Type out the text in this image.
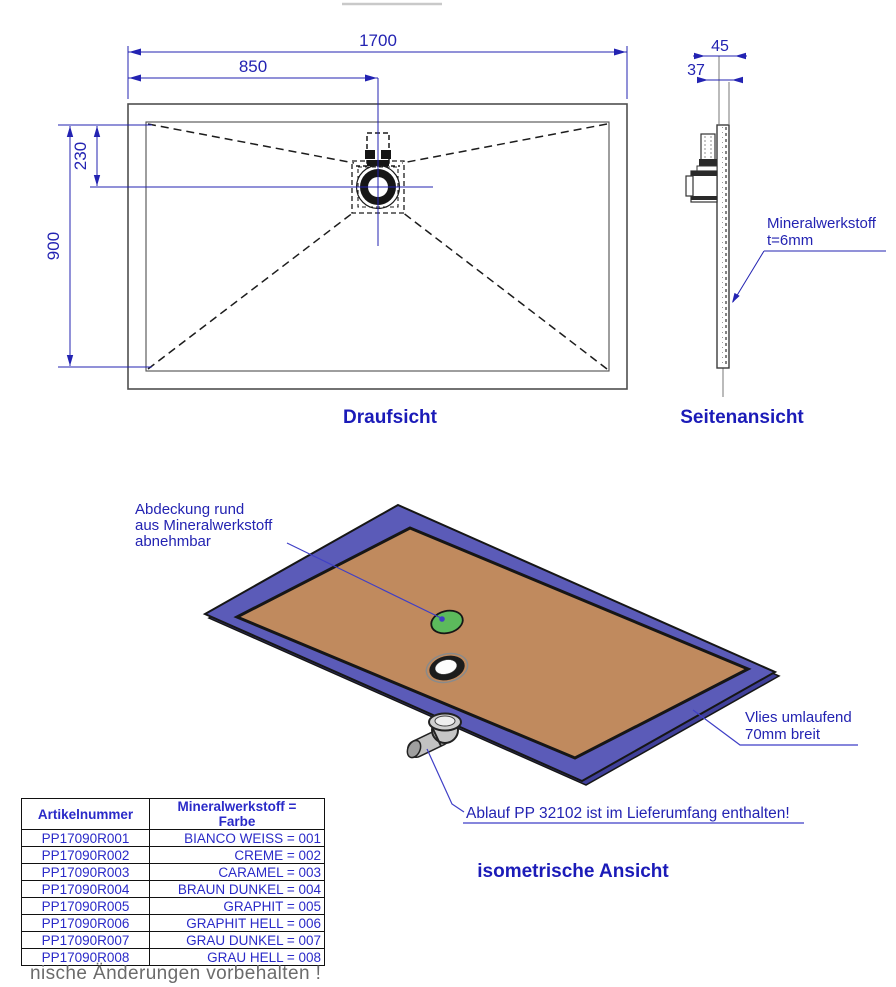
1700
850
230
900
Draufsicht
45
37
Mineralwerkstoff
t=6mm
Seitenansicht
Abdeckung rund
aus Mineralwerkstoff
abnehmbar
Vlies umlaufend
70mm breit
Ablauf PP 32102 ist im Lieferumfang enthalten!
isometrische Ansicht
Artikelnummer	Mineralwerkstoff =
Farbe
PP17090R001	BIANCO WEISS = 001
PP17090R002	CREME = 002
PP17090R003	CARAMEL = 003
PP17090R004	BRAUN DUNKEL = 004
PP17090R005	GRAPHIT = 005
PP17090R006	GRAPHIT HELL = 006
PP17090R007	GRAU DUNKEL = 007
PP17090R008	GRAU HELL = 008
nische Änderungen vorbehalten !
